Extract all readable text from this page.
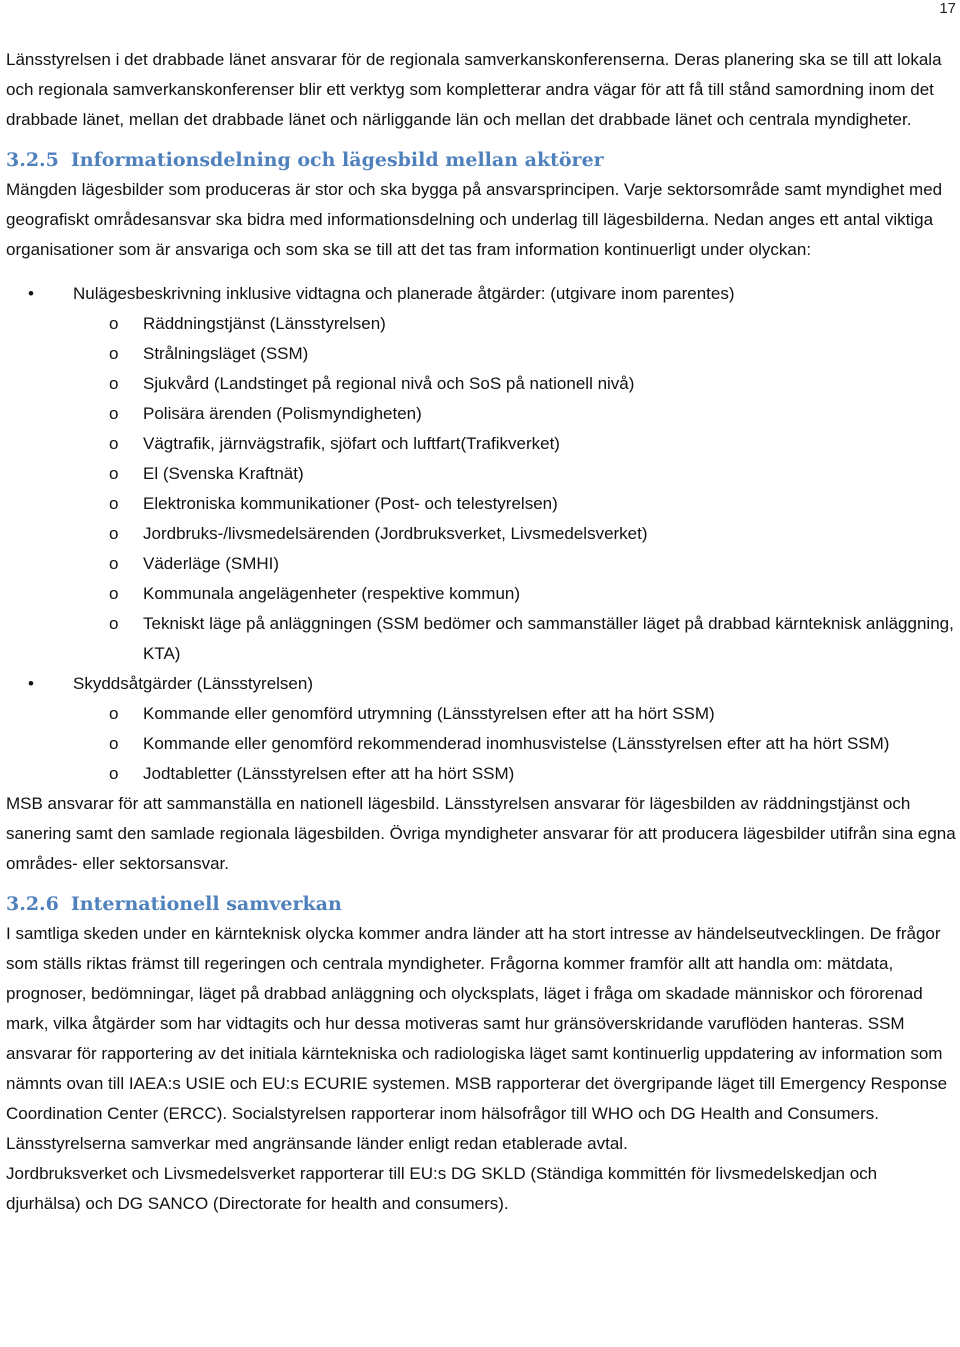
17

Länsstyrelsen i det drabbade länet ansvarar för de regionala samverkanskonferenserna. Deras planering ska se till att lokala och regionala samverkanskonferenser blir ett verktyg som kompletterar andra vägar för att få till stånd samordning inom det drabbade länet, mellan det drabbade länet och närliggande län och mellan det drabbade länet och centrala myndigheter.

3.2.5 Informationsdelning och lägesbild mellan aktörer

Mängden lägesbilder som produceras är stor och ska bygga på ansvarsprincipen. Varje sektorsområde samt myndighet med geografiskt områdesansvar ska bidra med informationsdelning och underlag till lägesbilderna. Nedan anges ett antal viktiga organisationer som är ansvariga och som ska se till att det tas fram information kontinuerligt under olyckan:

• Nulägesbeskrivning inklusive vidtagna och planerade åtgärder: (utgivare inom parentes)
o Räddningstjänst (Länsstyrelsen)
o Strålningsläget (SSM)
o Sjukvård (Landstinget på regional nivå och SoS på nationell nivå)
o Polisära ärenden (Polismyndigheten)
o Vägtrafik, järnvägstrafik, sjöfart och luftfart(Trafikverket)
o El (Svenska Kraftnät)
o Elektroniska kommunikationer (Post- och telestyrelsen)
o Jordbruks-/livsmedelsärenden (Jordbruksverket, Livsmedelsverket)
o Väderläge (SMHI)
o Kommunala angelägenheter (respektive kommun)
o Tekniskt läge på anläggningen (SSM bedömer och sammanställer läget på drabbad kärnteknisk anläggning, KTA)
• Skyddsåtgärder (Länsstyrelsen)
o Kommande eller genomförd utrymning (Länsstyrelsen efter att ha hört SSM)
o Kommande eller genomförd rekommenderad inomhusvistelse (Länsstyrelsen efter att ha hört SSM)
o Jodtabletter (Länsstyrelsen efter att ha hört SSM)

MSB ansvarar för att sammanställa en nationell lägesbild. Länsstyrelsen ansvarar för lägesbilden av räddningstjänst och sanering samt den samlade regionala lägesbilden. Övriga myndigheter ansvarar för att producera lägesbilder utifrån sina egna områdes- eller sektorsansvar.

3.2.6 Internationell samverkan

I samtliga skeden under en kärnteknisk olycka kommer andra länder att ha stort intresse av händelseutvecklingen. De frågor som ställs riktas främst till regeringen och centrala myndigheter. Frågorna kommer framför allt att handla om: mätdata, prognoser, bedömningar, läget på drabbad anläggning och olycksplats, läget i fråga om skadade människor och förorenad mark, vilka åtgärder som har vidtagits och hur dessa motiveras samt hur gränsöverskridande varuflöden hanteras. SSM ansvarar för rapportering av det initiala kärntekniska och radiologiska läget samt kontinuerlig uppdatering av information som nämnts ovan till IAEA:s USIE och EU:s ECURIE systemen. MSB rapporterar det övergripande läget till Emergency Response Coordination Center (ERCC). Socialstyrelsen rapporterar inom hälsofrågor till WHO och DG Health and Consumers. Länsstyrelserna samverkar med angränsande länder enligt redan etablerade avtal.

Jordbruksverket och Livsmedelsverket rapporterar till EU:s DG SKLD (Ständiga kommittén för livsmedelskedjan och djurhälsa) och DG SANCO (Directorate for health and consumers).
